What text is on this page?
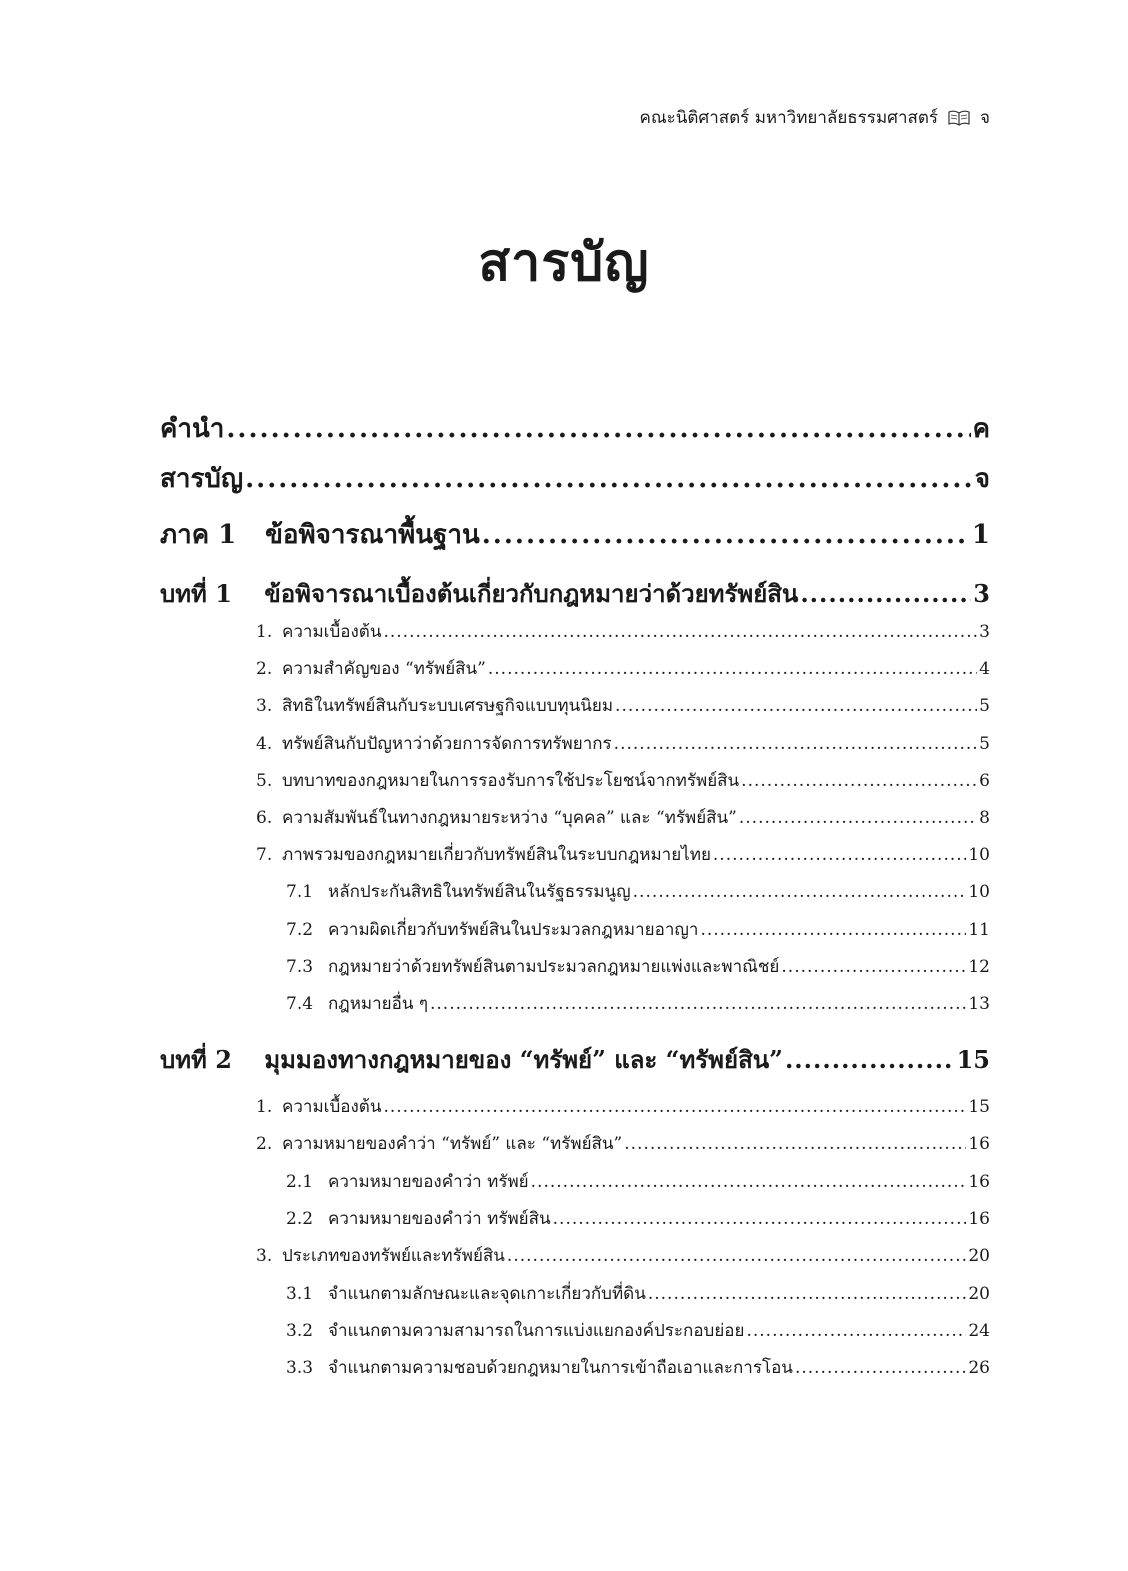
คณะนิติศาสตร์ มหาวิทยาลัยธรรมศาสตร์ จ
สารบัญ
คำนำ .....	ค
สารบัญ .....	จ
ภาค 1 ข้อพิจารณาพื้นฐาน .....	1
บทที่ 1 ข้อพิจารณาเบื้องต้นเกี่ยวกับกฎหมายว่าด้วยทรัพย์สิน .....	3
1. ความเบื้องต้น .....	3
2. ความสำคัญของ “ทรัพย์สิน” .....	4
3. สิทธิในทรัพย์สินกับระบบเศรษฐกิจแบบทุนนิยม .....	5
4. ทรัพย์สินกับปัญหาว่าด้วยการจัดการทรัพยากร .....	5
5. บทบาทของกฎหมายในการรองรับการใช้ประโยชน์จากทรัพย์สิน .....	6
6. ความสัมพันธ์ในทางกฎหมายระหว่าง “บุคคล” และ “ทรัพย์สิน” .....	8
7. ภาพรวมของกฎหมายเกี่ยวกับทรัพย์สินในระบบกฎหมายไทย .....	10
7.1 หลักประกันสิทธิในทรัพย์สินในรัฐธรรมนูญ .....	10
7.2 ความผิดเกี่ยวกับทรัพย์สินในประมวลกฎหมายอาญา .....	11
7.3 กฎหมายว่าด้วยทรัพย์สินตามประมวลกฎหมายแพ่งและพาณิชย์ .....	12
7.4 กฎหมายอื่น ๆ .....	13
บทที่ 2 มุมมองทางกฎหมายของ “ทรัพย์” และ “ทรัพย์สิน” .....	15
1. ความเบื้องต้น .....	15
2. ความหมายของคำว่า “ทรัพย์” และ “ทรัพย์สิน” .....	16
2.1 ความหมายของคำว่า ทรัพย์ .....	16
2.2 ความหมายของคำว่า ทรัพย์สิน .....	16
3. ประเภทของทรัพย์และทรัพย์สิน .....	20
3.1 จำแนกตามลักษณะและจุดเกาะเกี่ยวกับที่ดิน .....	20
3.2 จำแนกตามความสามารถในการแบ่งแยกองค์ประกอบย่อย .....	24
3.3 จำแนกตามความชอบด้วยกฎหมายในการเข้าถือเอาและการโอน .....	26
